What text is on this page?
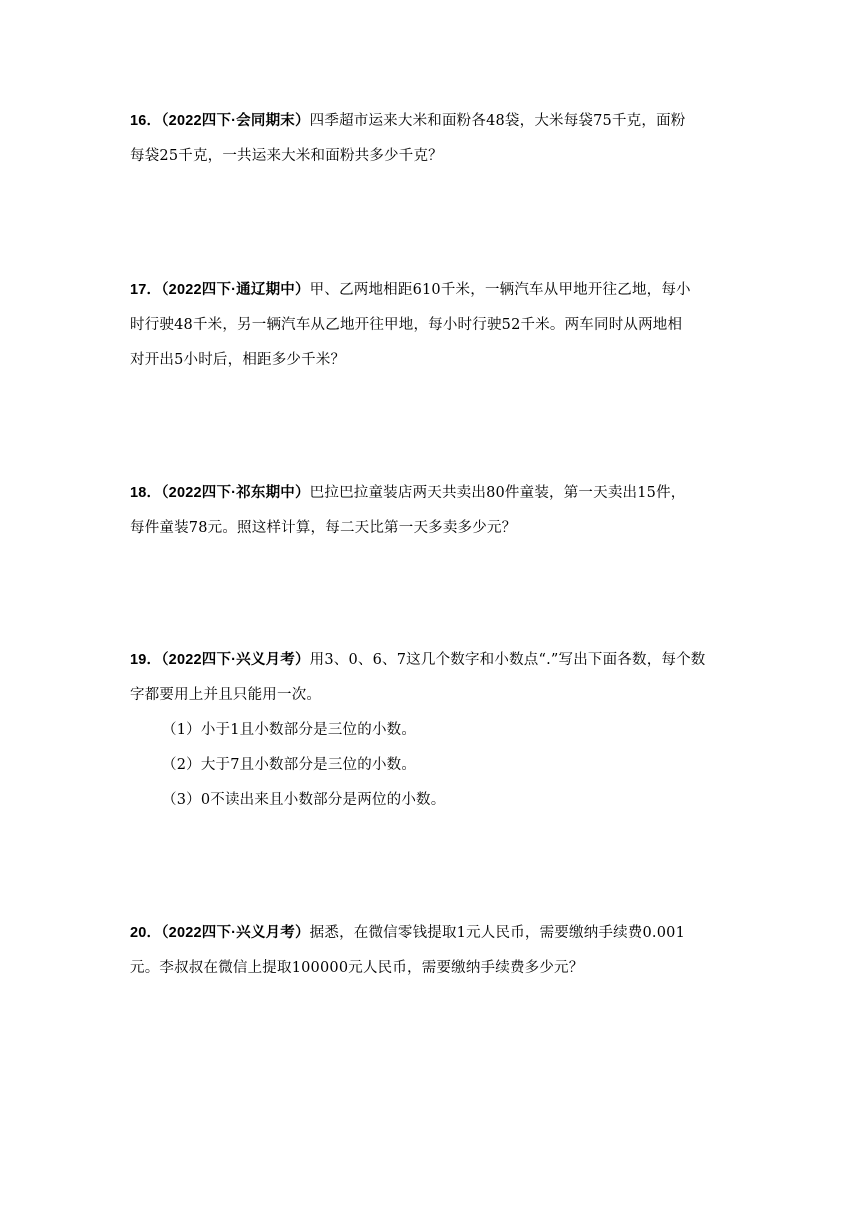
16．（2022四下·会同期末）四季超市运来大米和面粉各48袋，大米每袋75千克，面粉
每袋25千克，一共运来大米和面粉共多少千克？
17．（2022四下·通辽期中）甲、乙两地相距610千米，一辆汽车从甲地开往乙地，每小
时行驶48千米，另一辆汽车从乙地开往甲地，每小时行驶52千米。两车同时从两地相
对开出5小时后，相距多少千米？
18．（2022四下·祁东期中）巴拉巴拉童装店两天共卖出80件童装，第一天卖出15件，
每件童装78元。照这样计算，每二天比第一天多卖多少元？
19．（2022四下·兴义月考）用3、0、6、7这几个数字和小数点“.”写出下面各数，每个数
字都要用上并且只能用一次。
（1）小于1且小数部分是三位的小数。
（2）大于7且小数部分是三位的小数。
（3）0不读出来且小数部分是两位的小数。
20．（2022四下·兴义月考）据悉，在微信零钱提取1元人民币，需要缴纳手续费0.001
元。李叔叔在微信上提取100000元人民币，需要缴纳手续费多少元？
